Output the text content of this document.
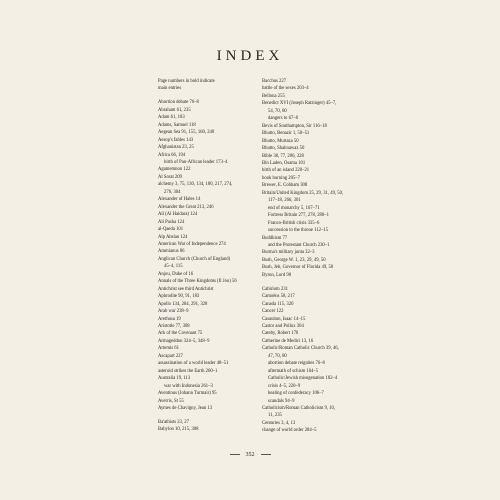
INDEX
Page numbers in bold indicate
main entries
Abortion debate 76–8
Abraham 61, 235
Adam 61, 183
Adams, Samuel 118
Aegean Sea 91, 155, 160, 240
Aesop's fables 143
Afghanistan 23, 25
Africa 66, 194
birth of Pan-African leader 173–4
Agamemnon 122
Al Sorat 209
alchemy 3, 75, 130, 134, 180, 217, 274,
276, 304
Alexander of Hales 14
Alexander the Great 213, 246
Ali (Al Haidara) 124
Ali Pasha 124
al-Qaeda 101
Alp Abslan 124
American War of Independence 274
Ammianus 86
Anglican Church (Church of England)
45–4, 115
Anjou, Duke of 16
Annals of the Three Kingdoms (Il Joo) 56
Antichrist see third Antichrist
Aphrodite 90, 91, 183
Apollo 134, 204, 291, 328
Arab war 238–9
Arethusa 19
Aristotle 77, 308
Ark of the Covenant 75
Armageddon 324–5, 348–9
Artemis 61
Ascapart 227
assassination of a world leader 48–51
asteroid strikes the Earth 260–1
Australia 19, 113
war with Indonesia 261–3
Aventinus (Johann Turmair) 95
Averris, St 55
Aymes de Chavigny, Jean 13
Ba'athists 23, 27
Babylon 10, 215, 308
Bacchus 227
battle of the sexes 203–4
Bellona 255
Benedict XVI (Joseph Ratzinger) 45–7,
54, 70, 80
dangers to 67–8
Bevis of Southampton, Sir 116–18
Bhutto, Benazir 1, 50–51
Bhutto, Murtaza 50
Bhutto, Shahnawaz 50
Bible 38, 77, 206, 328
Bin Laden, Osama 101
birth of an island 220–21
book burning 205–7
Brewer, E. Cobham 308
Britain/United Kingdom 25, 29, 31, 49, 50,
117–18, 266, 301
end of monarchy 5, 167–71
Fortress Britain 277, 278, 280–1
Franco-British crisis 335–6
succession to the throne 112–15
Buddhism 77
and the Protestant Church 230–1
Burma's military junta 32–3
Bush, George W. 1, 23, 29, 49, 50
Bush, Jeb, Governor of Florida 49, 50
Byron, Lord 90
Cabiriom 231
Camoëns 58, 217
Canada 115, 320
Cancer 122
Casaubon, Isaac 14–15
Castor and Pollux 304
Cateby, Robert 170
Catherine de Medici 13, 16
Catholic/Roman Catholic Church 39, 46,
47, 70, 80
abortion debate reignites 76–8
aftermath of schism 104–5
Catholic/Jewish misogenation 182–4
crisis 4–5, 220–9
healing of confederacy 106–7
scandals 94–9
Catholicism/Roman Catholicism 9, 10,
11, 235
Centuries 3, 4, 13
change of world order 284–5
352
